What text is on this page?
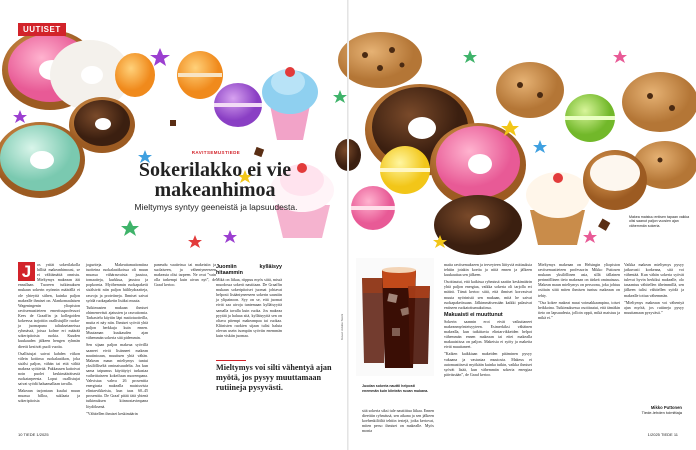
UUTISET
RAVITSEMUSTIEDE
Sokerilakko ei vie makeanhimoa
Mieltymys syntyy geeneistä ja lapsuudesta.
Makea maistuu entisen tapaan vaikka olisi saanut paljon vuosien ajan vähemmän sokeria.

J	os yrität sokerilakolla hillitä makeanhimoasi, se ei välttämättä onnistu. Mieltymys makeaan ääi ennallaan. Tuoreen tutkimuksen mukaan sokerin nyönnin määrällä ei ole yhteyttä siihen, kuinka paljon makealle ihmiset on. Alankomaalaisen Wageningenin yliopiston ravitsemustieteen emeritusprofessori Kees de Graaffin ja kollegoiden kokeessa tarjottiin osallistujille ruoka- ja juomapuna taltuksetaneissa ryhmässä, joissa kolme eri määrää sokeripitoisia ruokia. Kuuden kuukauden jälkeen hengen ryhmän dieetit kestivät puoli vuotta.

Osallistujat saivat kahden viikon välein kotiinsa ruokalaatikon, joka sisälsi paljon, vähän tai että välttä makeaa syötävää. Pakkausen kattoivat noin puolet keskimääräisestä ruokatarpeesta. Loput osallistujat saivat syödä haluamallaan tavalla.

Makeaan tarjontaan kuului muun muassa hilloa, suklaata ja sokeripitoisia

jogurtteja. Makeuttamattomiina tuotteina ruokalaatikoissa oli muun muassa vähärasvaista juustoa, tomaatteja, kurkkua, jaustoa ja popkornia. Myöhemmin ruokapaketit sisälsivät niin paljon hiilihydraatteja, rasvoja ja proteiineja. Ihmiset saivat syödä ruokapaketin lisäksi muuta.

Tutkimusten mukaan ihmiset ohimenevästi ajatusten ja rasvattomia. Tarkastelu käytiin läpi maitotuotteilla, mutta ei näy niin. Ihmiset syövät yhtä paljon herkkuja kuin ennen. Muutaman kuukauden ajan vähemmän sokeria sitä pidemmin.

Sen sijaan paljon makeaa syövillä saaneet eivät lisänneet makean nautintoaan, muuttuen yhtä vähän. Makean maun mieltymys tuntui yksilölliseltä ominaisuudelta. Jos kun sama taipumus käyttäytyi tarkastaa vaiheittaiseen kokeiluun nuorempana. Vahvistaa vahva 26 prosenttia energiasta makealla maistuvista elintarvikkeista, kun taas 60–45 prosenttia. De Graaf pitää tätä yhtenä tutkimuksen kiinnostavimpana löydöksenä.

”Vähitellen ihmiset keskimäärin

paneudu vaatteissa tai makeisiin ja suolaiseen, ja vähentyneeseen makeasta olisi tarpeen. Ne ovat ”vain olla tarkempi kuin aivan nyt”, de Graaf kertoo.

Juomiin kylläisyy hitaammin

Mikä on liikaa, riippuu myös siitä, missä muodossa sokerit nautitaan. De Graaffin mukaan sokeripitoiset juomat johtavat helposti lisääntyneeseen sokerin saantiin ja ylipainoon. Syy on se, että juomat eivät saa aivoja tuntemaan kylläisyyttä samalla tavalla kuin ruoka. Jos makeaa pyytää ja haluaa sitä, kylläisyyttä sen on oltava pitempi makeampaa tai ruokaa. Kliinisten ruokien sijaan tulisi haluta olevan usein isompiin syöviin enemmän kuin viskiin juomaa.

Mieltymys voi silti vähentyä ajan myötä, jos pysyy muuttamaan rutiineja pysyvästi.
Kuvat: Adobe Stock
Juodan sokeria nauttii helposti enemmän kuin kiinteän ruoan mukana.

sitä sokeria siksi tule nauttittua liikaa. Ennen dieettiin ryhmässä, sen aikana ja sen jälkeen koehenkilöiltä tehtiin testejä, jotka kertovat, miten perso ihmiset on makealle. Myös monia

maita ravitsemukseen ja terveyteen liittyviä mittauksia tehtiin jotakin koetta ja niitä ennen ja jälkeen kuukauttaa sen jälkeen.

Osoittautui, että kaikissa ryhmissä saatiin keskimäärin yhtä paljon energiaa, vaikka sokeria oli tarjolla eri määrä. Tämä kertoo siitä, että ihmiset korvasivat muuta nyörinistä sen mukaan, mitä he saivat ruokapaketissaan. Jälkimmäisessään kaikki palasivat entiseen ruokatottumuksiinsa.

Makuaisti ei muuttunut

Sokerin saannin erot eivät vaikuttaneet makeanmyönteisyyteen. Esimerkiksi vähäinen makealla, kun tutkittavia elintarvikkeiden helpot vähemmän ennen makeaan tai ettei makealla makuaistissa on paljon. Makeisia ei syöty ja makeita eivät muuttaneet.

”Kaiken kaikkiaan makeiden pitäminen pysyy vakaana ja vastustaa muutosta. Makeus ei automaattisesti myökään kuinka tutkin, vaikka ihmiset syövät lisää, kun vähemmän sokeria energiaa päivässään”, de Graaf kertoo.

Mieltymys makeaan on Helsingin yliopiston ravitsemustieteen professorin Mikko Puttosen mukaan yksilöllinen asia, sillä tällainen perinnöllinen tieto makeaan on tärkeä ominaisuus. Makean maun mieltymys on persoona, joka johtuu osittain siitä miten ihmisen tuntuu makeaan on tehty.

”Osa kokee makeat maut voimakkaampina, toiset heikkoina. Tutkimuksessa osoittautui, että tämäkin tieto on lapsuudesta, jolloin oppii, mikä maistuu ja mikä ei.”

Vaikka makean mieltymys pysyy jatkuvasti korkeana, sitä voi vähentää. Kun vähän sokeria syövät tulevat hyvin herkiksi makealle, olo tasaantuu vähitellen tiheimmillä, sen jälkeen tulisi vähitellen syödä ja makealle tottua vähemmän.

”Mieltymys makeaan voi vähentyä ajan myötä, jos rutiineja pysyy muuttamaan pysyvästi.”

Mikko Puttonen
Tiede-lehden toimittaja
10 TIEDE 1/2025	1/2025 TIEDE 11
